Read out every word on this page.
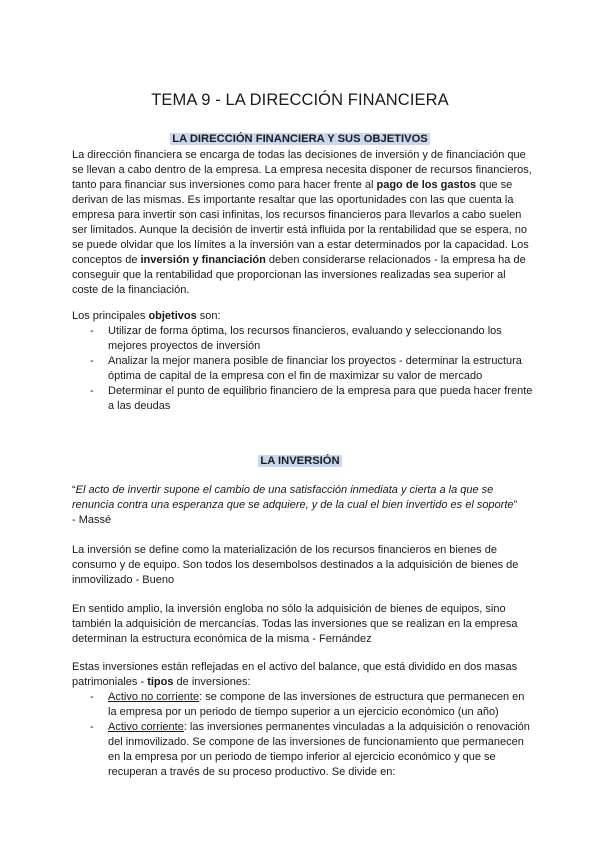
TEMA 9 - LA DIRECCIÓN FINANCIERA
LA DIRECCIÓN FINANCIERA Y SUS OBJETIVOS
La dirección financiera se encarga de todas las decisiones de inversión y de financiación que se llevan a cabo dentro de la empresa. La empresa necesita disponer de recursos financieros, tanto para financiar sus inversiones como para hacer frente al pago de los gastos que se derivan de las mismas. Es importante resaltar que las oportunidades con las que cuenta la empresa para invertir son casi infinitas, los recursos financieros para llevarlos a cabo suelen ser limitados. Aunque la decisión de invertir está influida por la rentabilidad que se espera, no se puede olvidar que los límites a la inversión van a estar determinados por la capacidad. Los conceptos de inversión y financiación deben considerarse relacionados - la empresa ha de conseguir que la rentabilidad que proporcionan las inversiones realizadas sea superior al coste de la financiación.
Los principales objetivos son:
- Utilizar de forma óptima, los recursos financieros, evaluando y seleccionando los mejores proyectos de inversión
- Analizar la mejor manera posible de financiar los proyectos - determinar la estructura óptima de capital de la empresa con el fin de maximizar su valor de mercado
- Determinar el punto de equilibrio financiero de la empresa para que pueda hacer frente a las deudas
LA INVERSIÓN
“El acto de invertir supone el cambio de una satisfacción inmediata y cierta a la que se renuncia contra una esperanza que se adquiere, y de la cual el bien invertido es el soporte”
- Massé
La inversión se define como la materialización de los recursos financieros en bienes de consumo y de equipo. Son todos los desembolsos destinados a la adquisición de bienes de inmovilizado - Bueno
En sentido amplio, la inversión engloba no sólo la adquisición de bienes de equipos, sino también la adquisición de mercancías. Todas las inversiones que se realizan en la empresa determinan la estructura económica de la misma - Fernández
Estas inversiones están reflejadas en el activo del balance, que está dividido en dos masas patrimoniales - tipos de inversiones:
- Activo no corriente: se compone de las inversiones de estructura que permanecen en la empresa por un periodo de tiempo superior a un ejercicio económico (un año)
- Activo corriente: las inversiones permanentes vinculadas a la adquisición o renovación del inmovilizado. Se compone de las inversiones de funcionamiento que permanecen en la empresa por un periodo de tiempo inferior al ejercicio económico y que se recuperan a través de su proceso productivo. Se divide en:
